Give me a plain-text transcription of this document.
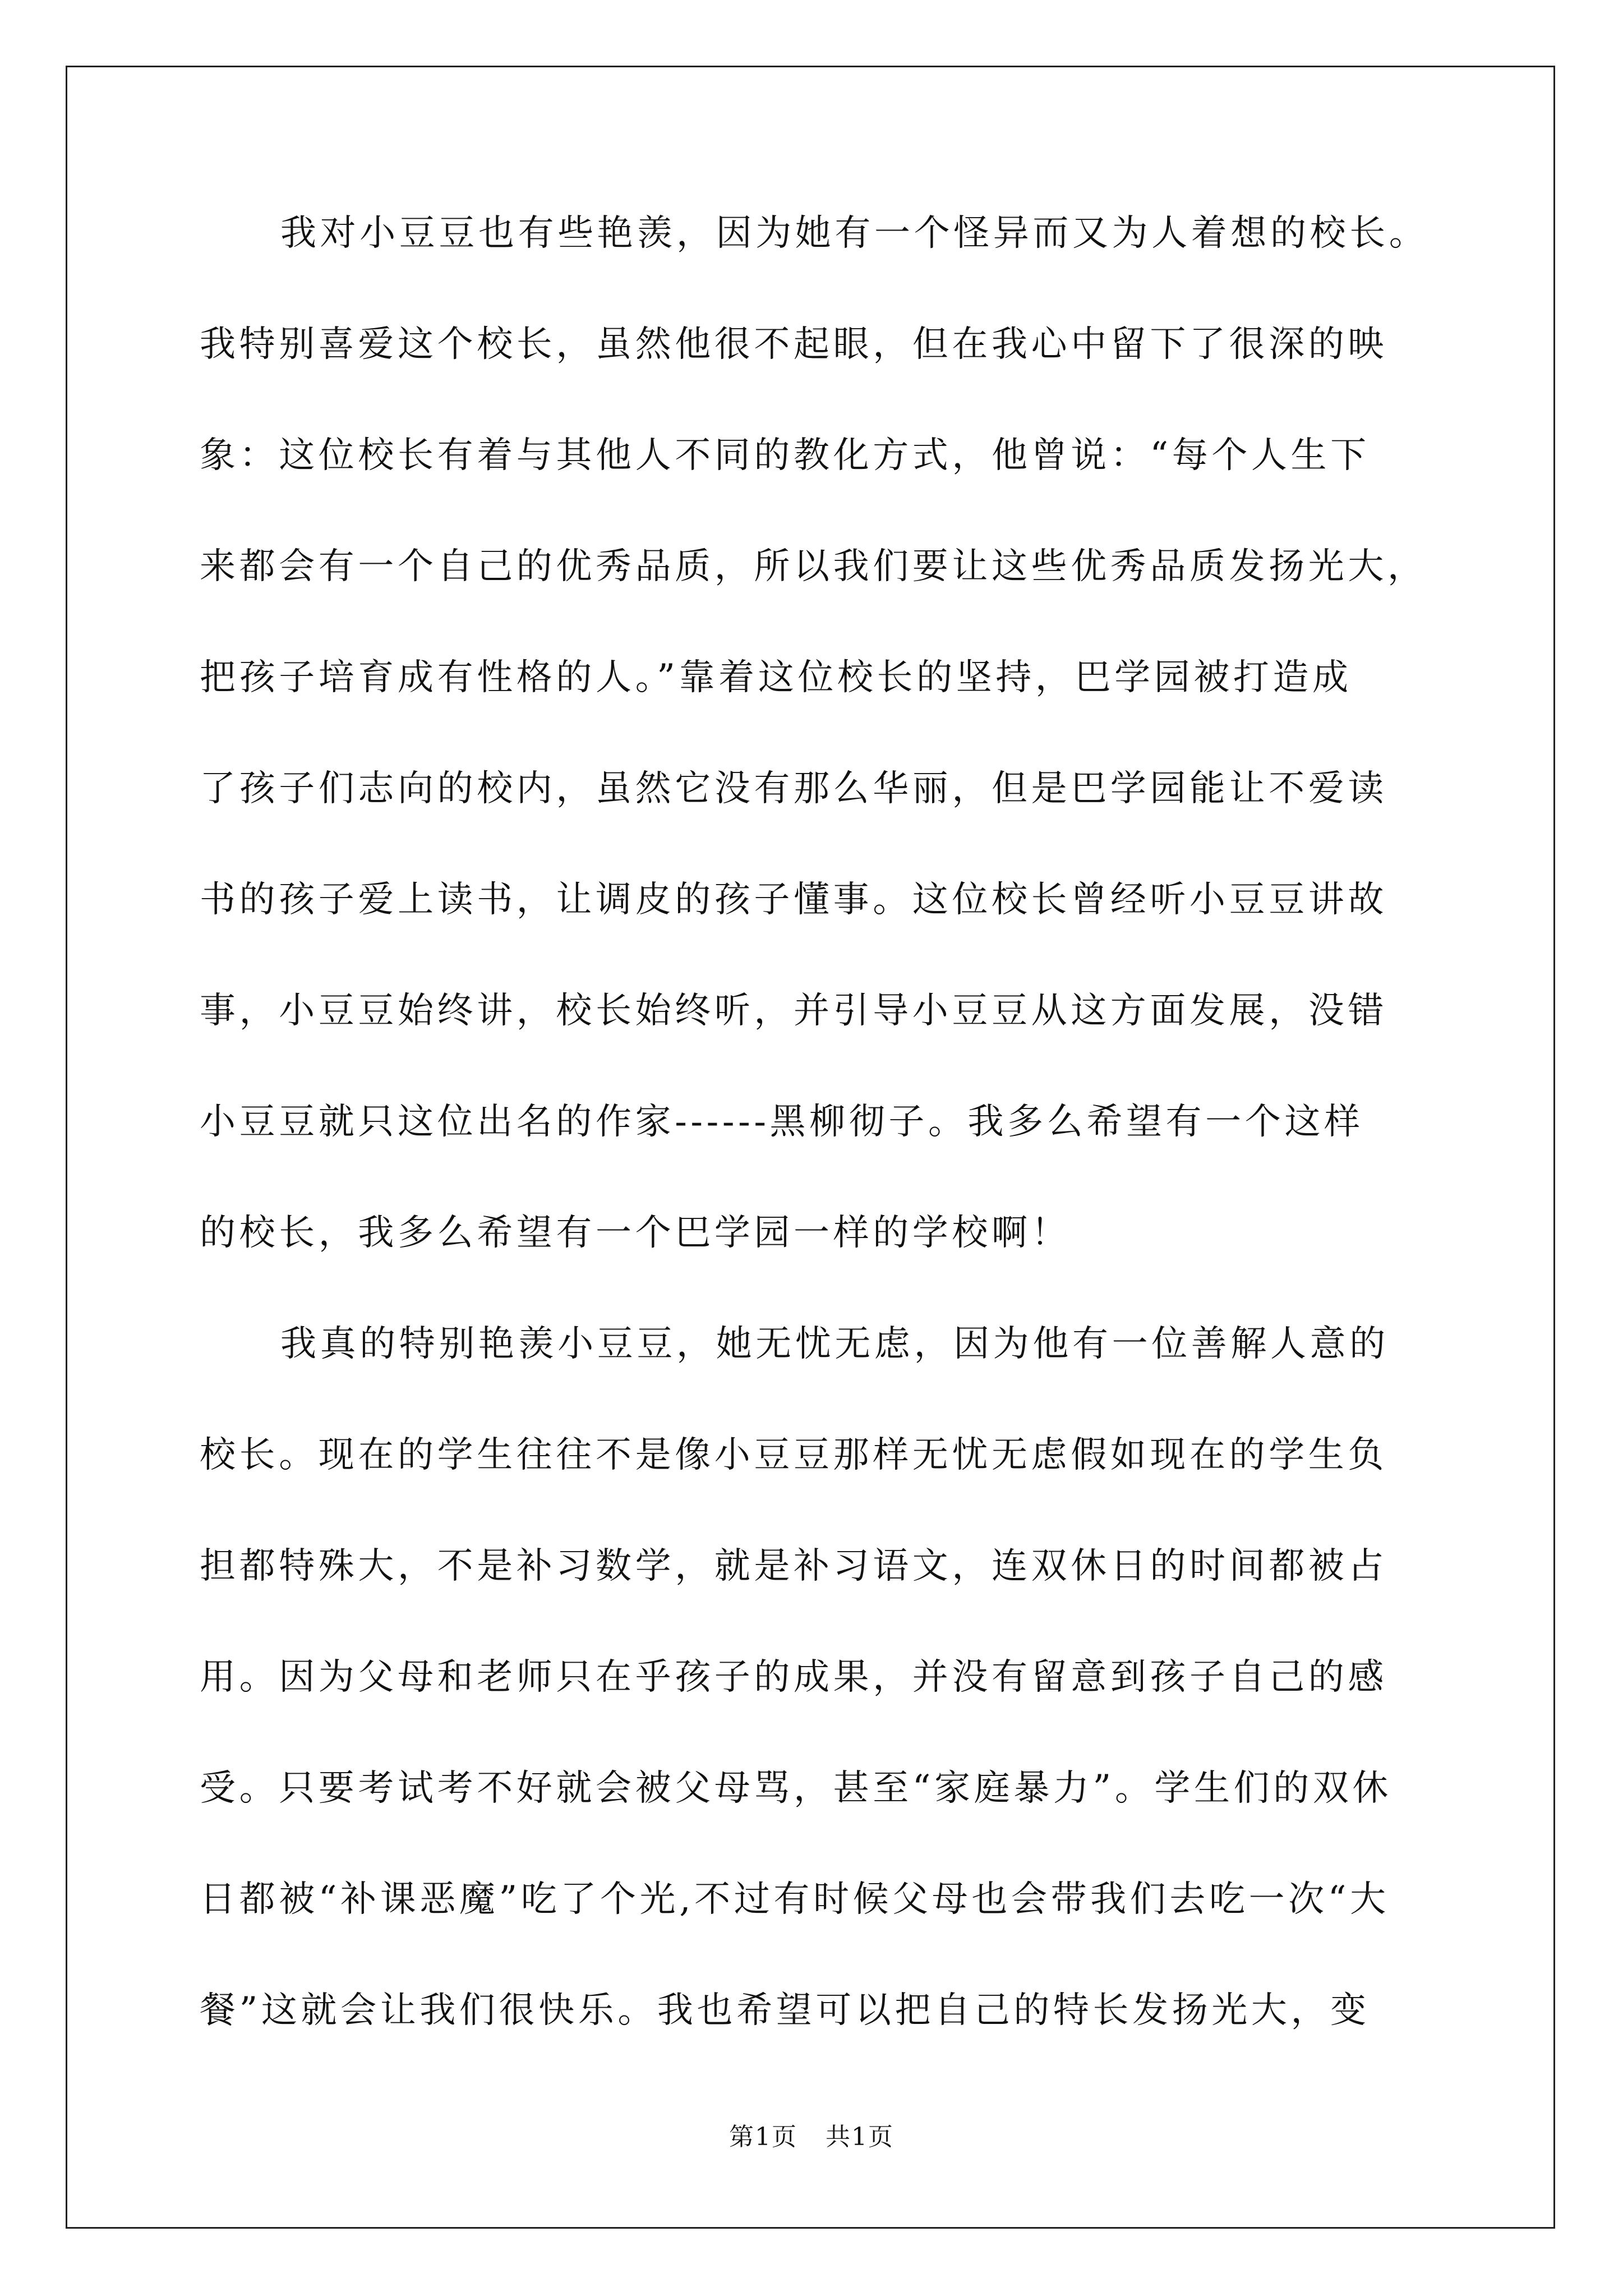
我对小豆豆也有些艳羡，因为她有一个怪异而又为人着想的校长。
我特别喜爱这个校长，虽然他很不起眼，但在我心中留下了很深的映
象：这位校长有着与其他人不同的教化方式，他曾说：“每个人生下
来都会有一个自己的优秀品质，所以我们要让这些优秀品质发扬光大，
把孩子培育成有性格的人。”靠着这位校长的坚持，巴学园被打造成
了孩子们志向的校内，虽然它没有那么华丽，但是巴学园能让不爱读
书的孩子爱上读书，让调皮的孩子懂事。这位校长曾经听小豆豆讲故
事，小豆豆始终讲，校长始终听，并引导小豆豆从这方面发展，没错
小豆豆就只这位出名的作家------黑柳彻子。我多么希望有一个这样
的校长，我多么希望有一个巴学园一样的学校啊！
我真的特别艳羡小豆豆，她无忧无虑，因为他有一位善解人意的
校长。现在的学生往往不是像小豆豆那样无忧无虑假如现在的学生负
担都特殊大，不是补习数学，就是补习语文，连双休日的时间都被占
用。因为父母和老师只在乎孩子的成果，并没有留意到孩子自己的感
受。只要考试考不好就会被父母骂，甚至“家庭暴力”。学生们的双休
日都被“补课恶魔”吃了个光,不过有时候父母也会带我们去吃一次“大
餐”这就会让我们很快乐。我也希望可以把自己的特长发扬光大，变
第1页 共1页
